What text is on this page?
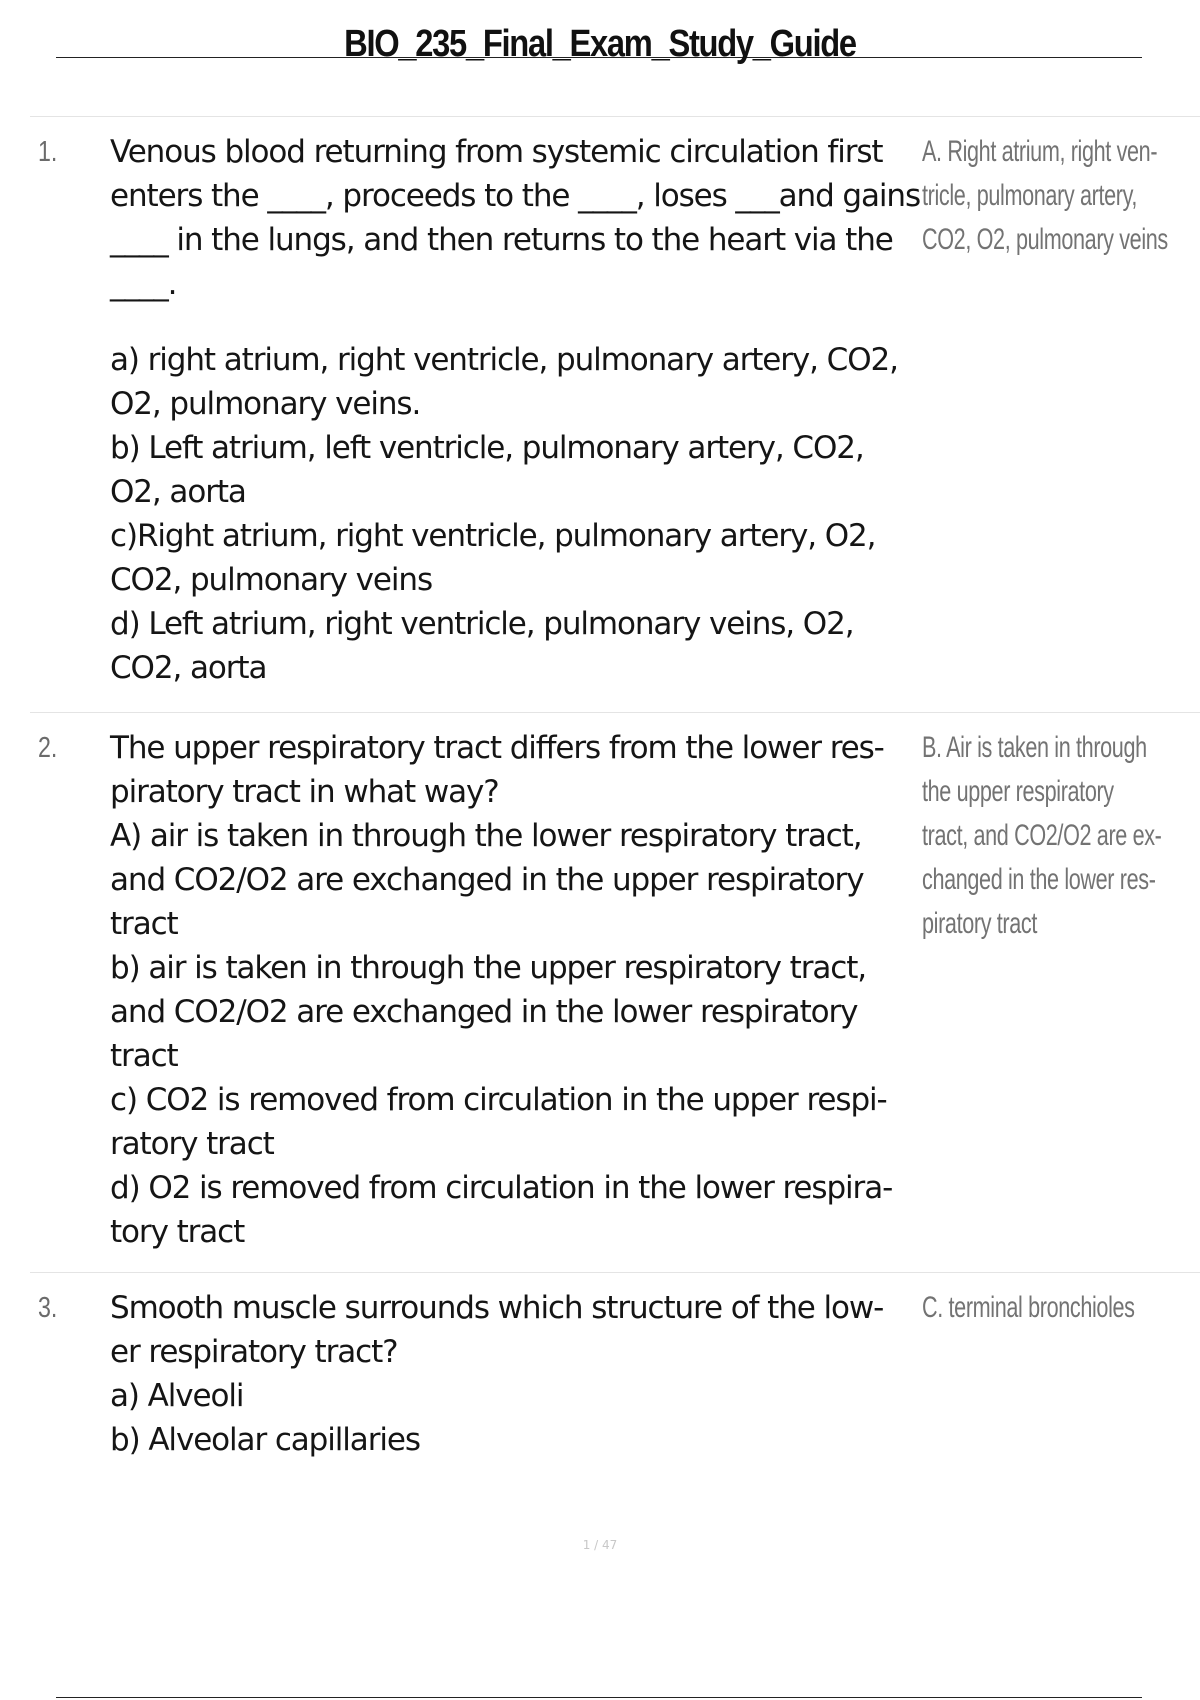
BIO_235_Final_Exam_Study_Guide
1. Venous blood returning from systemic circulation first
enters the ____, proceeds to the ____, loses ___and gains
____ in the lungs, and then returns to the heart via the
____.
A. Right atrium, right ven-
tricle, pulmonary artery,
CO2, O2, pulmonary veins
a) right atrium, right ventricle, pulmonary artery, CO2,
O2, pulmonary veins.
b) Left atrium, left ventricle, pulmonary artery, CO2,
O2, aorta
c)Right atrium, right ventricle, pulmonary artery, O2,
CO2, pulmonary veins
d) Left atrium, right ventricle, pulmonary veins, O2,
CO2, aorta
2. The upper respiratory tract differs from the lower res-
piratory tract in what way?
B. Air is taken in through
the upper respiratory
tract, and CO2/O2 are ex-
changed in the lower res-
piratory tract
A) air is taken in through the lower respiratory tract,
and CO2/O2 are exchanged in the upper respiratory
tract
b) air is taken in through the upper respiratory tract,
and CO2/O2 are exchanged in the lower respiratory
tract
c) CO2 is removed from circulation in the upper respi-
ratory tract
d) O2 is removed from circulation in the lower respira-
tory tract
3. Smooth muscle surrounds which structure of the low-
er respiratory tract?
C. terminal bronchioles
a) Alveoli
b) Alveolar capillaries
1 / 47
